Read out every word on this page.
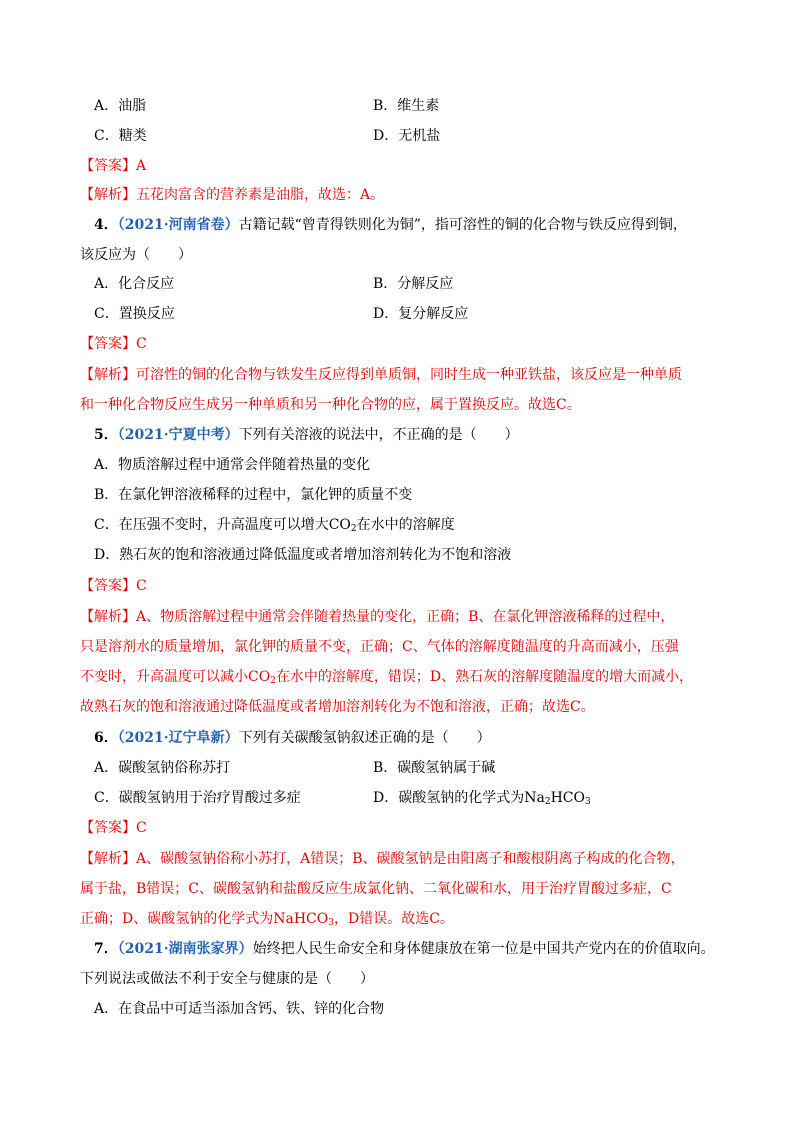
A．油脂	B．维生素
C．糖类	D．无机盐
【答案】A
【解析】五花肉富含的营养素是油脂，故选：A。
4．（2021·河南省卷）古籍记载“曾青得铁则化为铜”，指可溶性的铜的化合物与铁反应得到铜，
该反应为（　　）
A．化合反应	B．分解反应
C．置换反应	D．复分解反应
【答案】C
【解析】可溶性的铜的化合物与铁发生反应得到单质铜，同时生成一种亚铁盐，该反应是一种单质
和一种化合物反应生成另一种单质和另一种化合物的应，属于置换反应。故选C。
5．（2021·宁夏中考）下列有关溶液的说法中，不正确的是（　　）
A．物质溶解过程中通常会伴随着热量的变化
B．在氯化钾溶液稀释的过程中，氯化钾的质量不变
C．在压强不变时，升高温度可以增大$CO_2$在水中的溶解度
D．熟石灰的饱和溶液通过降低温度或者增加溶剂转化为不饱和溶液
【答案】C
【解析】A、物质溶解过程中通常会伴随着热量的变化，正确；B、在氯化钾溶液稀释的过程中，
只是溶剂水的质量增加，氯化钾的质量不变，正确；C、气体的溶解度随温度的升高而减小，压强
不变时，升高温度可以减小$CO_2$在水中的溶解度，错误；D、熟石灰的溶解度随温度的增大而减小，
故熟石灰的饱和溶液通过降低温度或者增加溶剂转化为不饱和溶液，正确；故选C。
6．（2021·辽宁阜新）下列有关碳酸氢钠叙述正确的是（　　）
A．碳酸氢钠俗称苏打	B．碳酸氢钠属于碱
C．碳酸氢钠用于治疗胃酸过多症	D．碳酸氢钠的化学式为$Na_2HCO_3$
【答案】C
【解析】A、碳酸氢钠俗称小苏打，A错误；B、碳酸氢钠是由阳离子和酸根阴离子构成的化合物，
属于盐，B错误；C、碳酸氢钠和盐酸反应生成氯化钠、二氧化碳和水，用于治疗胃酸过多症，C
正确；D、碳酸氢钠的化学式为NaHCO$_3$，D错误。故选C。
7．（2021·湖南张家界）始终把人民生命安全和身体健康放在第一位是中国共产党内在的价值取向。
下列说法或做法不利于安全与健康的是（　　）
A．在食品中可适当添加含钙、铁、锌的化合物
